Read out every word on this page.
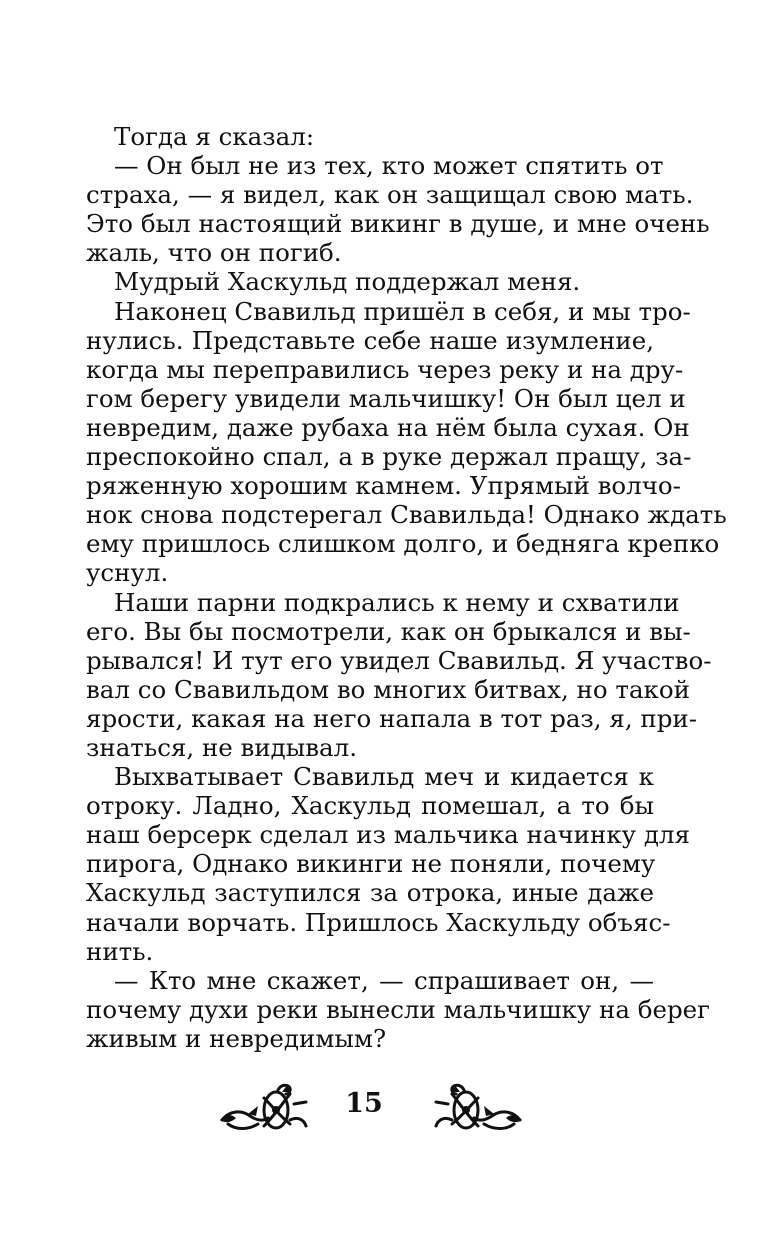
Тогда я сказал:
— Он был не из тех, кто может спятить от
страха, — я видел, как он защищал свою мать.
Это был настоящий викинг в душе, и мне очень
жаль, что он погиб.
Мудрый Хаскульд поддержал меня.
Наконец Свавильд пришёл в себя, и мы тро-
нулись. Представьте себе наше изумление,
когда мы переправились через реку и на дру-
гом берегу увидели мальчишку! Он был цел и
невредим, даже рубаха на нём была сухая. Он
преспокойно спал, а в руке держал пращу, за-
ряженную хорошим камнем. Упрямый волчо-
нок снова подстерегал Свавильда! Однако ждать
ему пришлось слишком долго, и бедняга крепко
уснул.
Наши парни подкрались к нему и схватили
его. Вы бы посмотрели, как он брыкался и вы-
рывался! И тут его увидел Свавильд. Я участво-
вал со Свавильдом во многих битвах, но такой
ярости, какая на него напала в тот раз, я, при-
знаться, не видывал.
Выхватывает Свавильд меч и кидается к
отроку. Ладно, Хаскульд помешал, а то бы
наш берсерк сделал из мальчика начинку для
пирога, Однако викинги не поняли, почему
Хаскульд заступился за отрока, иные даже
начали ворчать. Пришлось Хаскульду объяс-
нить.
— Кто мне скажет, — спрашивает он, —
почему духи реки вынесли мальчишку на берег
живым и невредимым?
15
